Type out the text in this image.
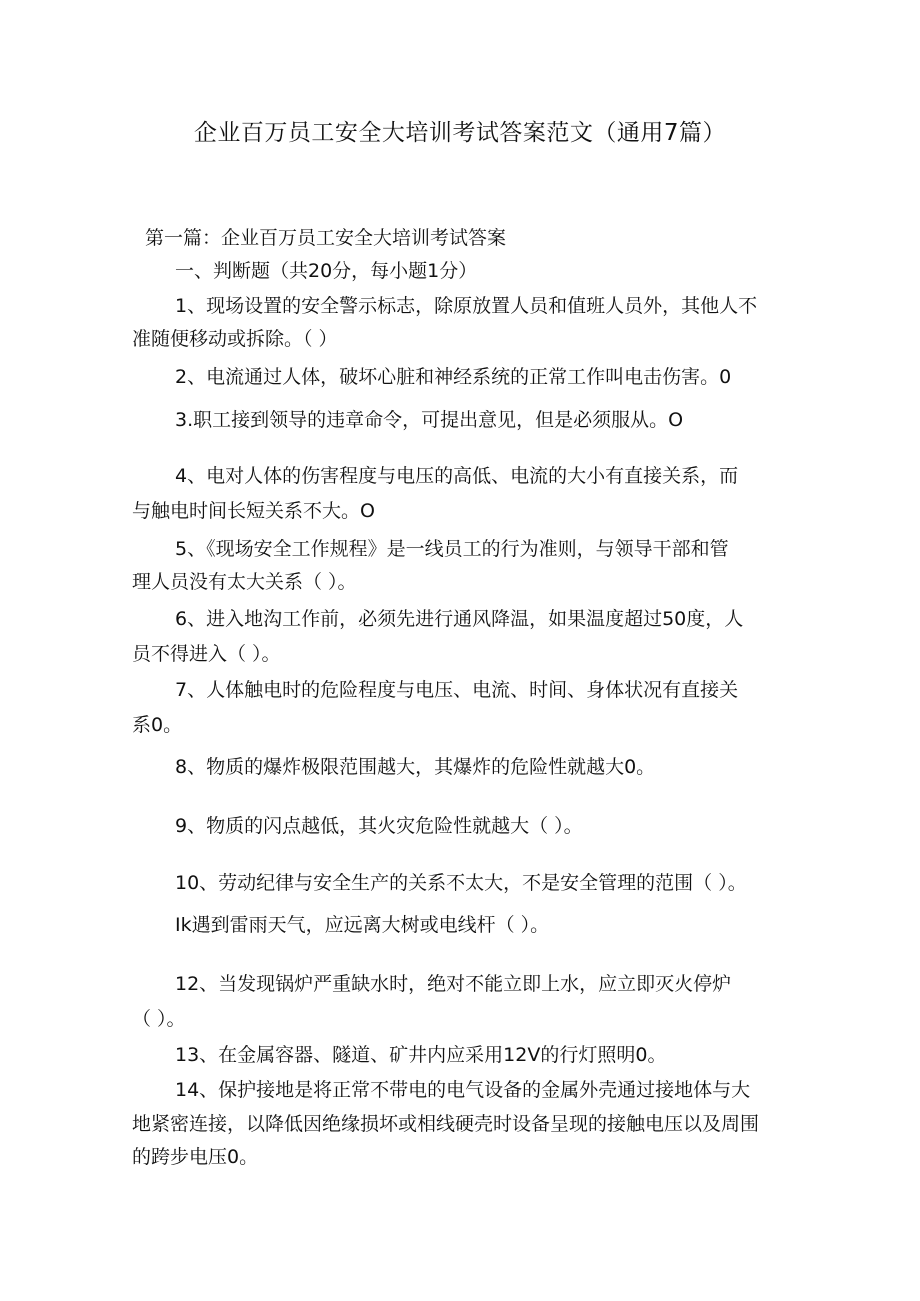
企业百万员工安全大培训考试答案范文（通用7篇）
第一篇：企业百万员工安全大培训考试答案
一、判断题（共20分，每小题1分）
1、现场设置的安全警示标志，除原放置人员和值班人员外，其他人不
准随便移动或拆除。（ ）
2、电流通过人体，破坏心脏和神经系统的正常工作叫电击伤害。0
3.职工接到领导的违章命令，可提出意见，但是必须服从。O
4、电对人体的伤害程度与电压的高低、电流的大小有直接关系，而
与触电时间长短关系不大。O
5、《现场安全工作规程》是一线员工的行为准则，与领导干部和管
理人员没有太大关系（ ）。
6、进入地沟工作前，必须先进行通风降温，如果温度超过50度，人
员不得进入（ ）。
7、人体触电时的危险程度与电压、电流、时间、身体状况有直接关
系0。
8、物质的爆炸极限范围越大，其爆炸的危险性就越大0。
9、物质的闪点越低，其火灾危险性就越大（ ）。
10、劳动纪律与安全生产的关系不太大，不是安全管理的范围（ ）。
Ik遇到雷雨天气，应远离大树或电线杆（ ）。
12、当发现锅炉严重缺水时，绝对不能立即上水，应立即灭火停炉
（ ）。
13、在金属容器、隧道、矿井内应采用12V的行灯照明0。
14、保护接地是将正常不带电的电气设备的金属外壳通过接地体与大
地紧密连接，以降低因绝缘损坏或相线硬壳时设备呈现的接触电压以及周围
的跨步电压0。
